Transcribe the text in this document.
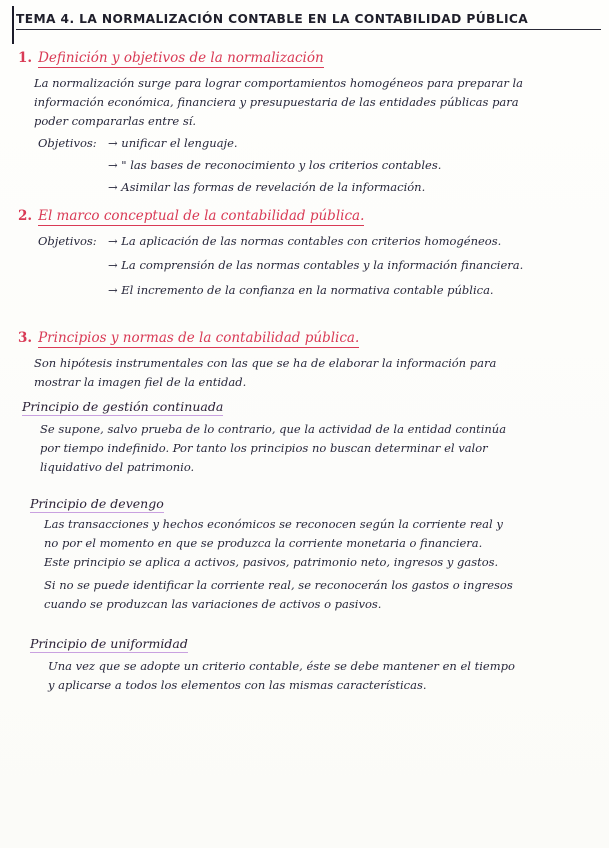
TEMA 4. LA NORMALIZACIÓN CONTABLE EN LA CONTABILIDAD PÚBLICA
1. Definición y objetivos de la normalización
La normalización surge para lograr comportamientos homogéneos para preparar la
información económica, financiera y presupuestaria de las entidades públicas para
poder compararlas entre sí.
Objetivos: → unificar el lenguaje.
→ " las bases de reconocimiento y los criterios contables.
→ Asimilar las formas de revelación de la información.
2. El marco conceptual de la contabilidad pública.
Objetivos: → La aplicación de las normas contables con criterios homogéneos.
→ La comprensión de las normas contables y la información financiera.
→ El incremento de la confianza en la normativa contable pública.
3. Principios y normas de la contabilidad pública.
Son hipótesis instrumentales con las que se ha de elaborar la información para
mostrar la imagen fiel de la entidad.
Principio de gestión continuada
Se supone, salvo prueba de lo contrario, que la actividad de la entidad continúa
por tiempo indefinido. Por tanto los principios no buscan determinar el valor
liquidativo del patrimonio.
Principio de devengo
Las transacciones y hechos económicos se reconocen según la corriente real y
no por el momento en que se produzca la corriente monetaria o financiera.
Este principio se aplica a activos, pasivos, patrimonio neto, ingresos y gastos.
Si no se puede identificar la corriente real, se reconocerán los gastos o ingresos
cuando se produzcan las variaciones de activos o pasivos.
Principio de uniformidad
Una vez que se adopte un criterio contable, éste se debe mantener en el tiempo
y aplicarse a todos los elementos con las mismas características.
